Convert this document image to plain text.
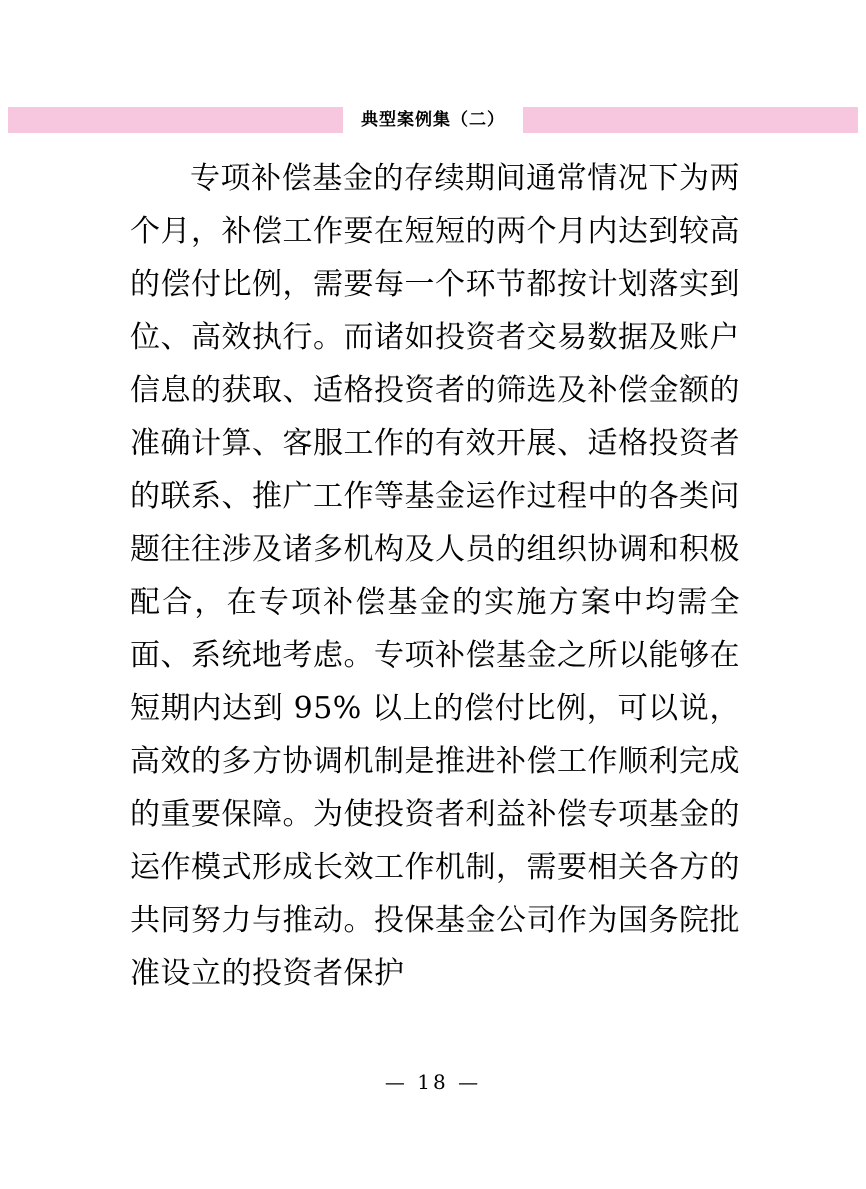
典型案例集（二）

专项补偿基金的存续期间通常情况下为两个月，补偿工作要在短短的两个月内达到较高的偿付比例，需要每一个环节都按计划落实到位、高效执行。而诸如投资者交易数据及账户信息的获取、适格投资者的筛选及补偿金额的准确计算、客服工作的有效开展、适格投资者的联系、推广工作等基金运作过程中的各类问题往往涉及诸多机构及人员的组织协调和积极配合，在专项补偿基金的实施方案中均需全面、系统地考虑。专项补偿基金之所以能够在短期内达到 95% 以上的偿付比例，可以说，高效的多方协调机制是推进补偿工作顺利完成的重要保障。为使投资者利益补偿专项基金的运作模式形成长效工作机制，需要相关各方的共同努力与推动。投保基金公司作为国务院批准设立的投资者保护

— 18 —
